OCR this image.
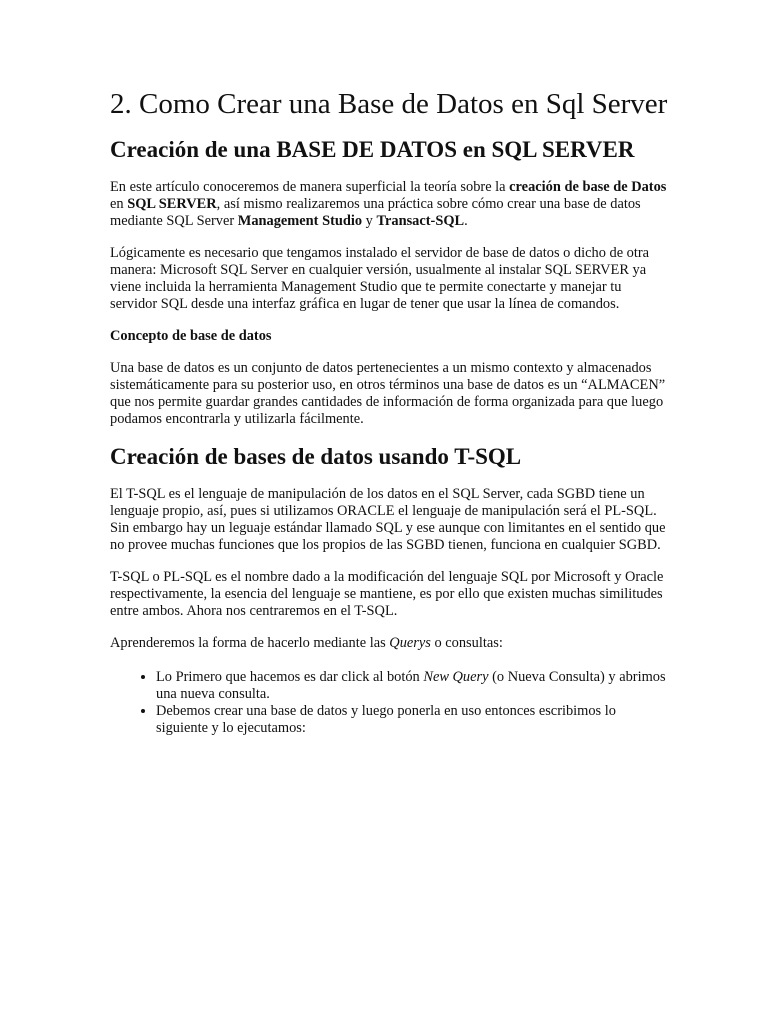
2. Como Crear una Base de Datos en Sql Server
Creación de una BASE DE DATOS en SQL SERVER

En este artículo conoceremos de manera superficial la teoría sobre la creación de base de Datos en SQL SERVER, así mismo realizaremos una práctica sobre cómo crear una base de datos mediante SQL Server Management Studio y Transact-SQL.

Lógicamente es necesario que tengamos instalado el servidor de base de datos o dicho de otra manera: Microsoft SQL Server en cualquier versión, usualmente al instalar SQL SERVER ya viene incluida la herramienta Management Studio que te permite conectarte y manejar tu servidor SQL desde una interfaz gráfica en lugar de tener que usar la línea de comandos.

Concepto de base de datos

Una base de datos es un conjunto de datos pertenecientes a un mismo contexto y almacenados sistemáticamente para su posterior uso, en otros términos una base de datos es un “ALMACEN” que nos permite guardar grandes cantidades de información de forma organizada para que luego podamos encontrarla y utilizarla fácilmente.

Creación de bases de datos usando T-SQL

El T-SQL es el lenguaje de manipulación de los datos en el SQL Server, cada SGBD tiene un lenguaje propio, así, pues si utilizamos ORACLE el lenguaje de manipulación será el PL-SQL. Sin embargo hay un leguaje estándar llamado SQL y ese aunque con limitantes en el sentido que no provee muchas funciones que los propios de las SGBD tienen, funciona en cualquier SGBD.

T-SQL o PL-SQL es el nombre dado a la modificación del lenguaje SQL por Microsoft y Oracle respectivamente, la esencia del lenguaje se mantiene, es por ello que existen muchas similitudes entre ambos. Ahora nos centraremos en el T-SQL.

Aprenderemos la forma de hacerlo mediante las Querys o consultas:

• Lo Primero que hacemos es dar click al botón New Query (o Nueva Consulta) y abrimos una nueva consulta.
• Debemos crear una base de datos y luego ponerla en uso entonces escribimos lo siguiente y lo ejecutamos:
